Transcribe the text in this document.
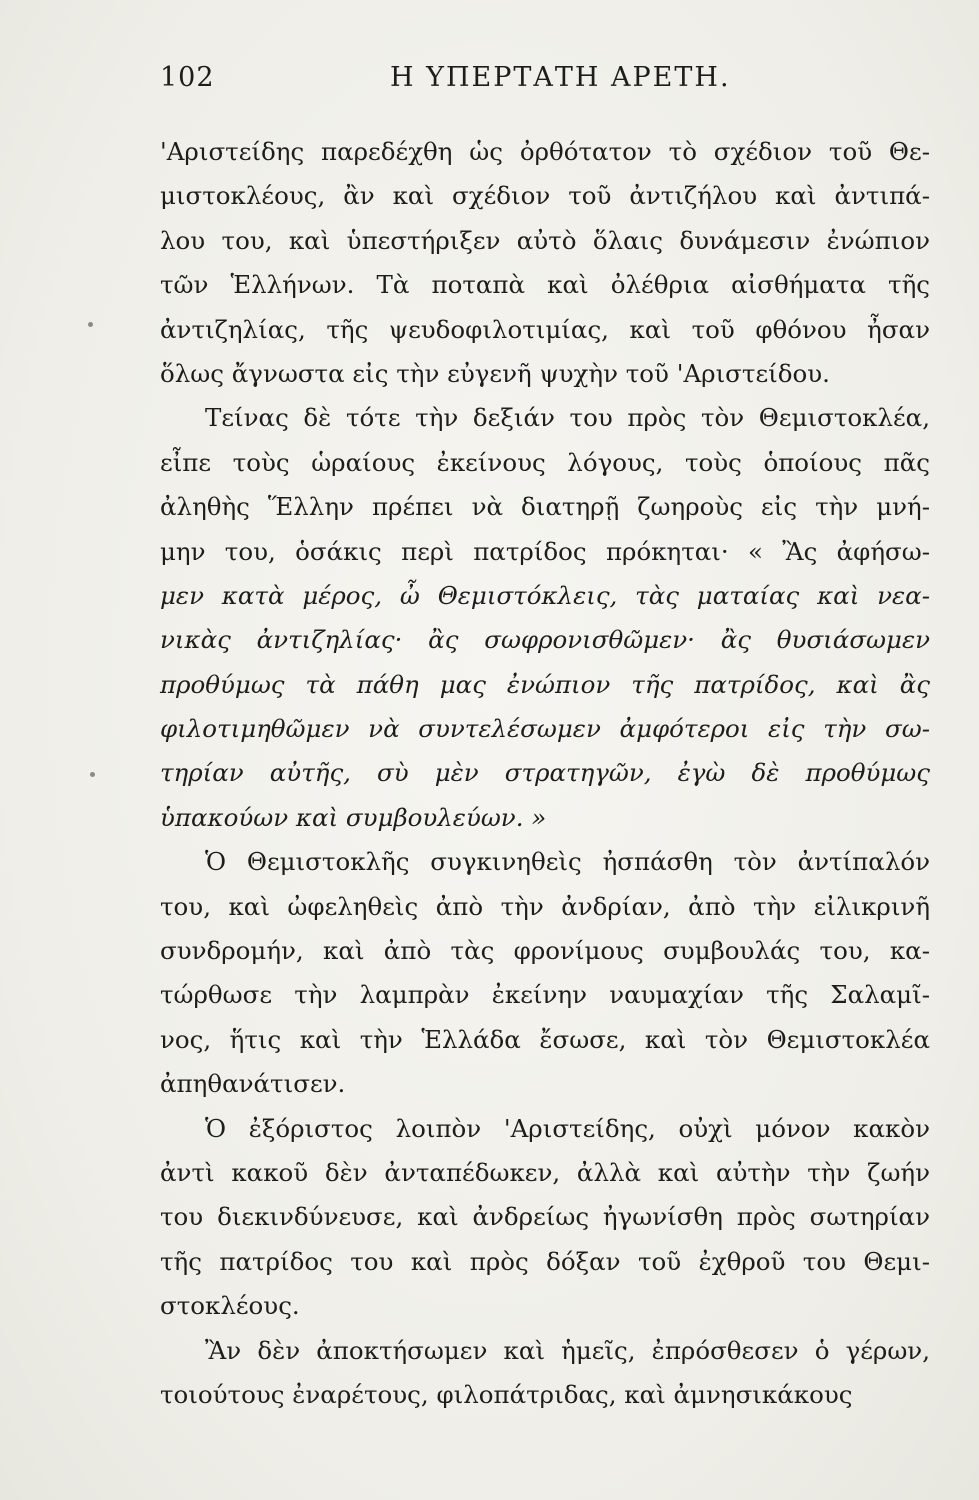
102	Η ΥΠΕΡΤΑΤΗ ΑΡΕΤΗ.
'Αριστείδης παρεδέχθη ὡς ὀρθότατον τὸ σχέδιον τοῦ Θε-
μιστοκλέους, ἂν καὶ σχέδιον τοῦ ἀντιζήλου καὶ ἀντιπά-
λου του, καὶ ὑπεστήριξεν αὐτὸ ὅλαις δυνάμεσιν ἐνώπιον
τῶν Ἑλλήνων. Τὰ ποταπὰ καὶ ὀλέθρια αἰσθήματα τῆς
ἀντιζηλίας, τῆς ψευδοφιλοτιμίας, καὶ τοῦ φθόνου ἦσαν
ὅλως ἄγνωστα εἰς τὴν εὐγενῆ ψυχὴν τοῦ 'Αριστείδου.
Τείνας δὲ τότε τὴν δεξιάν του πρὸς τὸν Θεμιστοκλέα,
εἶπε τοὺς ὡραίους ἐκείνους λόγους, τοὺς ὁποίους πᾶς
ἀληθὴς Ἕλλην πρέπει νὰ διατηρῇ ζωηροὺς εἰς τὴν μνή-
μην του, ὁσάκις περὶ πατρίδος πρόκηται· « Ἂς ἀφήσω-
μεν κατὰ μέρος, ὦ Θεμιστόκλεις, τὰς ματαίας καὶ νεα-
νικὰς ἀντιζηλίας· ἂς σωφρονισθῶμεν· ἂς θυσιάσωμεν
προθύμως τὰ πάθη μας ἐνώπιον τῆς πατρίδος, καὶ ἂς
φιλοτιμηθῶμεν νὰ συντελέσωμεν ἀμφότεροι εἰς τὴν σω-
τηρίαν αὐτῆς, σὺ μὲν στρατηγῶν, ἐγὼ δὲ προθύμως
ὑπακούων καὶ συμβουλεύων. »
Ὁ Θεμιστοκλῆς συγκινηθεὶς ἠσπάσθη τὸν ἀντίπαλόν
του, καὶ ὠφεληθεὶς ἀπὸ τὴν ἀνδρίαν, ἀπὸ τὴν εἰλικρινῆ
συνδρομήν, καὶ ἀπὸ τὰς φρονίμους συμβουλάς του, κα-
τώρθωσε τὴν λαμπρὰν ἐκείνην ναυμαχίαν τῆς Σαλαμῖ-
νος, ἥτις καὶ τὴν Ἑλλάδα ἔσωσε, καὶ τὸν Θεμιστοκλέα
ἀπηθανάτισεν.
Ὁ ἐξόριστος λοιπὸν 'Αριστείδης, οὐχὶ μόνον κακὸν
ἀντὶ κακοῦ δὲν ἀνταπέδωκεν, ἀλλὰ καὶ αὐτὴν τὴν ζωήν
του διεκινδύνευσε, καὶ ἀνδρείως ἠγωνίσθη πρὸς σωτηρίαν
τῆς πατρίδος του καὶ πρὸς δόξαν τοῦ ἐχθροῦ του Θεμι-
στοκλέους.
Ἂν δὲν ἀποκτήσωμεν καὶ ἡμεῖς, ἐπρόσθεσεν ὁ γέρων,
τοιούτους ἐναρέτους, φιλοπάτριδας, καὶ ἀμνησικάκους
